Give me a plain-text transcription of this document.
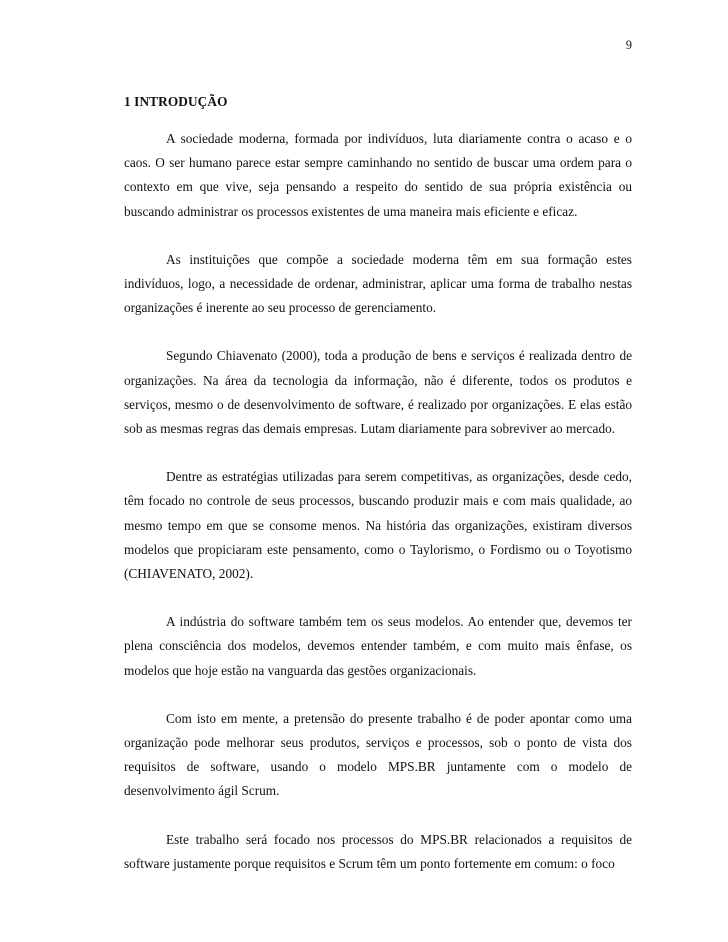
9
1 INTRODUÇÃO

A sociedade moderna, formada por indivíduos, luta diariamente contra o acaso e o caos. O ser humano parece estar sempre caminhando no sentido de buscar uma ordem para o contexto em que vive, seja pensando a respeito do sentido de sua própria existência ou buscando administrar os processos existentes de uma maneira mais eficiente e eficaz.

As instituições que compõe a sociedade moderna têm em sua formação estes indivíduos, logo, a necessidade de ordenar, administrar, aplicar uma forma de trabalho nestas organizações é inerente ao seu processo de gerenciamento.

Segundo Chiavenato (2000), toda a produção de bens e serviços é realizada dentro de organizações. Na área da tecnologia da informação, não é diferente, todos os produtos e serviços, mesmo o de desenvolvimento de software, é realizado por organizações. E elas estão sob as mesmas regras das demais empresas. Lutam diariamente para sobreviver ao mercado.

Dentre as estratégias utilizadas para serem competitivas, as organizações, desde cedo, têm focado no controle de seus processos, buscando produzir mais e com mais qualidade, ao mesmo tempo em que se consome menos. Na história das organizações, existiram diversos modelos que propiciaram este pensamento, como o Taylorismo, o Fordismo ou o Toyotismo (CHIAVENATO, 2002).

A indústria do software também tem os seus modelos. Ao entender que, devemos ter plena consciência dos modelos, devemos entender também, e com muito mais ênfase, os modelos que hoje estão na vanguarda das gestões organizacionais.

Com isto em mente, a pretensão do presente trabalho é de poder apontar como uma organização pode melhorar seus produtos, serviços e processos, sob o ponto de vista dos requisitos de software, usando o modelo MPS.BR juntamente com o modelo de desenvolvimento ágil Scrum.

Este trabalho será focado nos processos do MPS.BR relacionados a requisitos de software justamente porque requisitos e Scrum têm um ponto fortemente em comum: o foco
